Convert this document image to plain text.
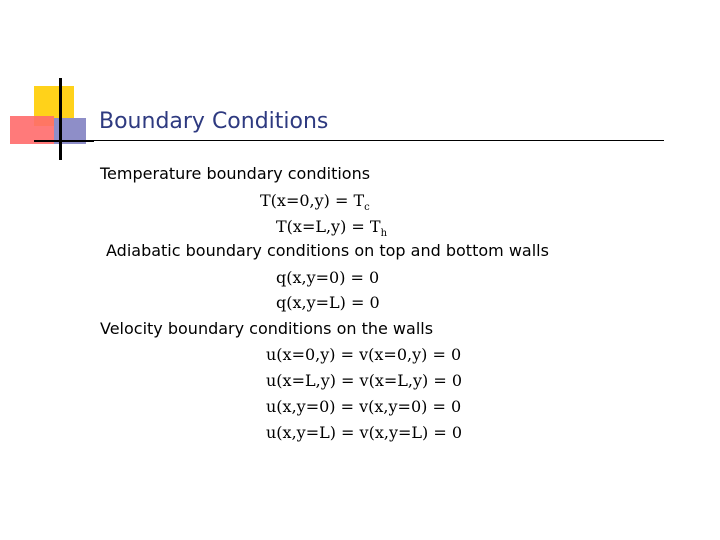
Boundary Conditions
Temperature boundary conditions
$T(x=0,y) = T_c$
$T(x=L,y) = T_h$
Adiabatic boundary conditions on top and bottom walls
q(x,y=0) = 0
q(x,y=L) = 0
Velocity boundary conditions on the walls
u(x=0,y) = v(x=0,y) = 0
u(x=L,y) = v(x=L,y) = 0
u(x,y=0) = v(x,y=0) = 0
u(x,y=L) = v(x,y=L) = 0
